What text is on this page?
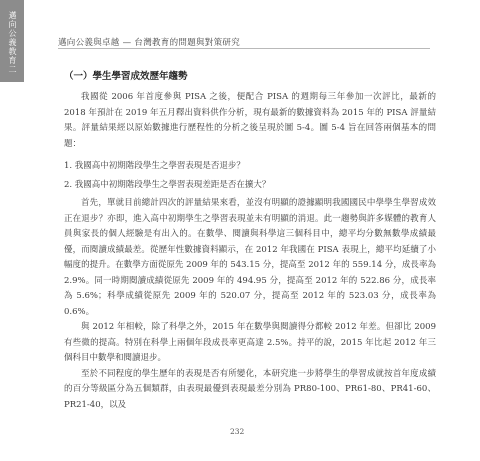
邁向公義教育二	邁向公義與卓越 — 台灣教育的問題與對策研究
（一）學生學習成效歷年趨勢

我國從 2006 年首度參與 PISA 之後，便配合 PISA 的週期每三年參加一次評比，最新的 2018 年預計在 2019 年五月釋出資料供作分析，現有最新的數據資料為 2015 年的 PISA 評量結果。評量結果經以原始數據進行歷程性的分析之後呈現於圖 5-4。圖 5-4 旨在回答兩個基本的問題：

1. 我國高中初期階段學生之學習表現是否退步？
2. 我國高中初期階段學生之學習表現差距是否在擴大？

首先，單就目前總計四次的評量結果來看，並沒有明顯的證據顯明我國國民中學學生學習成效正在退步？亦即，進入高中初期學生之學習表現並未有明顯的消退。此一趨勢與許多媒體的教育人員與家長的個人經驗是有出入的。在數學、閱讀與科學這三個科目中，總平均分數無數學成績最優，而閱讀成績最差。從歷年性數據資料顯示，在 2012 年我國在 PISA 表現上，總平均延續了小幅度的提升。在數學方面從原先 2009 年的 543.15 分，提高至 2012 年的 559.14 分，成長率為 2.9%。同一時期閱讀成績從原先 2009 年的 494.95 分，提高至 2012 年的 522.86 分，成長率為 5.6%；科學成績從原先 2009 年的 520.07 分，提高至 2012 年的 523.03 分，成長率為 0.6%。

與 2012 年相較，除了科學之外，2015 年在數學與閱讀得分都較 2012 年差。但卻比 2009 有些微的提高。特別在科學上兩個年段成長率更高達 2.5%。持平的說，2015 年比起 2012 年三個科目中數學和閱讀退步。

至於不同程度的學生歷年的表現是否有所變化，本研究進一步將學生的學習成就按首年度成績的百分等級區分為五個類群，由表現最優到表現最差分別為 PR80-100、PR61-80、PR41-60、PR21-40，以及

232
